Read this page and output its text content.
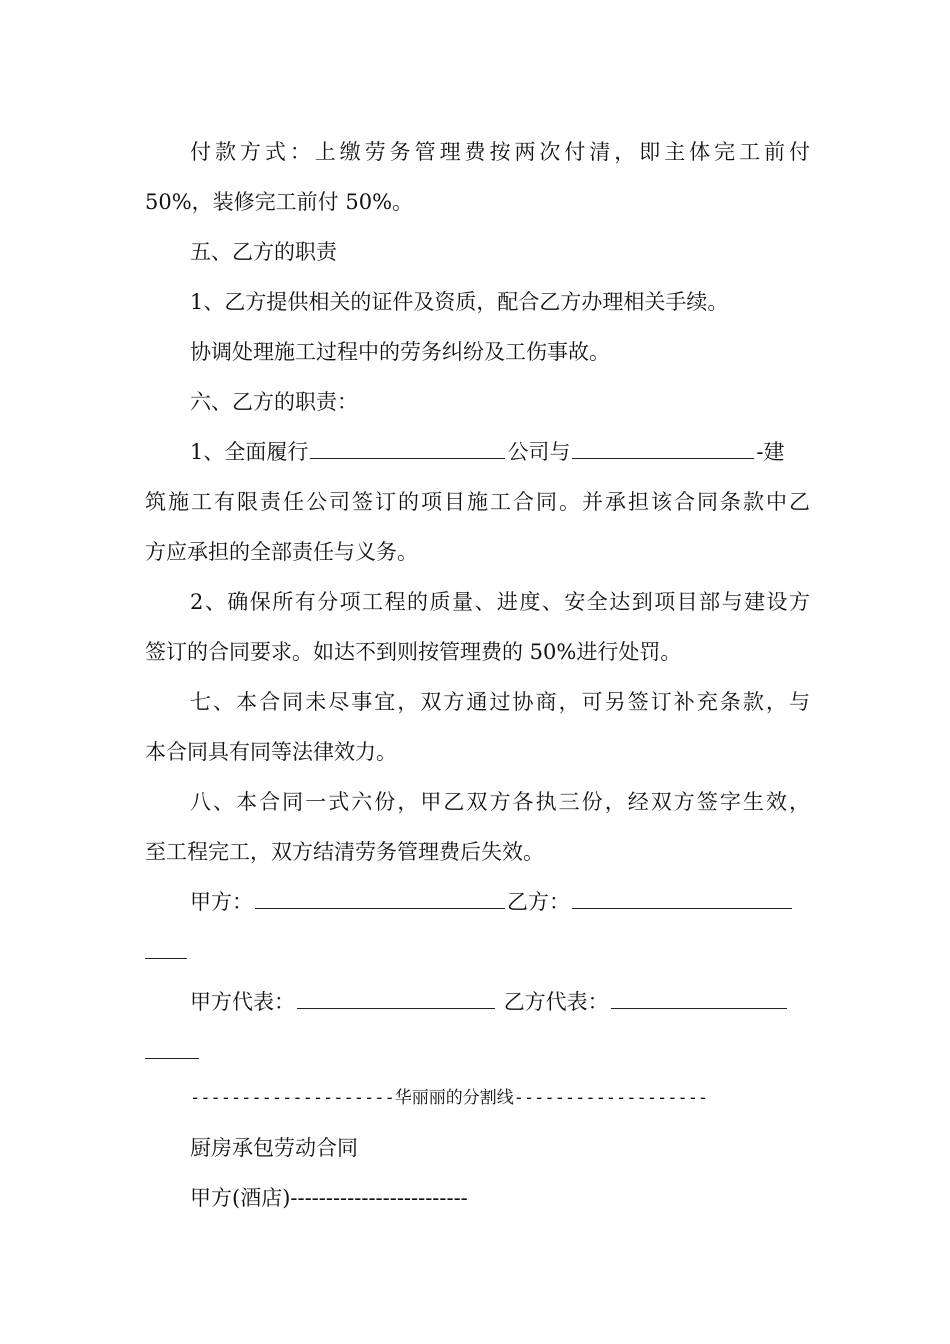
付款方式：上缴劳务管理费按两次付清，即主体完工前付
50%，装修完工前付 50%。
五、乙方的职责
1、乙方提供相关的证件及资质，配合乙方办理相关手续。
协调处理施工过程中的劳务纠纷及工伤事故。
六、乙方的职责：
1、全面履行	公司与	-建
筑施工有限责任公司签订的项目施工合同。并承担该合同条款中乙
方应承担的全部责任与义务。
2、确保所有分项工程的质量、进度、安全达到项目部与建设方
签订的合同要求。如达不到则按管理费的 50%进行处罚。
七、本合同未尽事宜，双方通过协商，可另签订补充条款，与
本合同具有同等法律效力。
八、本合同一式六份，甲乙双方各执三份，经双方签字生效，
至工程完工，双方结清劳务管理费后失效。
甲方：	乙方：
甲方代表：	乙方代表：
--------------------华丽丽的分割线-------------------
厨房承包劳动合同
甲方(酒店)-------------------------
